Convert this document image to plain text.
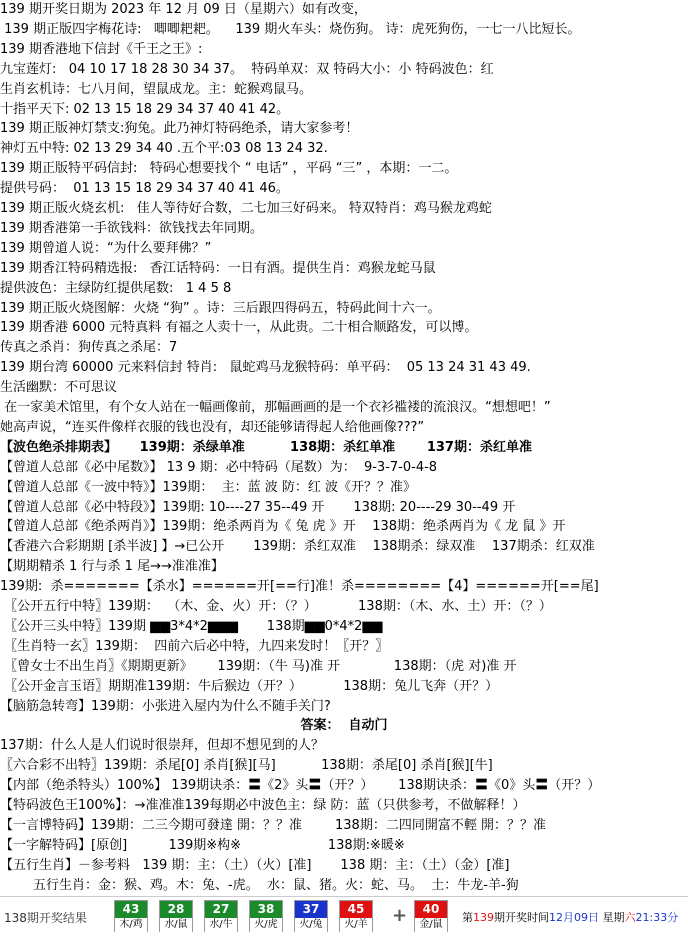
139 期开奖日期为 2023 年 12 月 09 日（星期六）如有改变，
139 期正版四字梅花诗:   唧唧耙耙。    139 期火车头：烧伤狗。 诗：虎死狗伤，一七一八比短长。
139 期香港地下信封《千王之王》:
九宝莲灯:   04 10 17 18 28 30 34 37。  特码单双：双 特码大小：小 特码波色：红
生肖玄机诗：七八月间，望鼠成龙。主：蛇猴鸡鼠马。
十指平天下: 02 13 15 18 29 34 37 40 41 42。
139 期正版神灯禁支:狗兔。此乃神灯特码绝杀，请大家参考！
神灯五中特: 02 13 29 34 40 .五个平:03 08 13 24 32.
139 期正版特平码信封:   特码心想要找个 “ 电话” ，平码 “三” ，本期：一二。
提供号码：  01 13 15 18 29 34 37 40 41 46。
139 期正版火烧玄机:   佳人等待好合数，二七加三好码来。 特双特肖：鸡马猴龙鸡蛇
139 期香港第一手欲钱料：欲钱找去年同期。
139 期曾道人说：“为什么要拜佛？”
139 期香江特码精选报:   香江话特码：一日有酒。提供生肖：鸡猴龙蛇马鼠
提供波色：主绿防红提供尾数:   1 4 5 8
139 期正版火烧图解：火烧 “狗” 。诗：三后跟四得码五，特码此间十六一。
139 期香港 6000 元特真料 有福之人卖十一，从此贵。二十相合顺路发，可以博。
传真之杀肖：狗传真之杀尾：7
139 期台湾 60000 元来料信封 特肖:   鼠蛇鸡马龙猴特码：单平码：  05 13 24 31 43 49.
生活幽默：不可思议
在一家美术馆里，有个女人站在一幅画像前，那幅画画的是一个衣衫褴褛的流浪汉。“想想吧！”
她高声说，“连买件像样衣服的钱也没有，却还能够请得起人给他画像???”
【波色绝杀排期表】     139期：杀绿单准          138期：杀红单准       137期：杀红单准
【曾道人总部《必中尾数》】 13 9 期：必中特码（尾数）为：  9-3-7-0-4-8
【曾道人总部《一波中特》】139期：  主：蓝 波 防：红 波《开？？准》
【曾道人总部《必中特段》】139期: 10----27 35--49 开       138期: 20----29 30--49 开
【曾道人总部《绝杀两肖》】139期：绝杀两肖为《 兔 虎 》开    138期：绝杀两肖为《 龙 鼠 》开
【香港六合彩期期 [杀半波] 】→已公开       139期：杀红双准    138期杀：绿双准    137期杀：红双准
【期期精杀 1 行与杀 1 尾→→准准准】
139期:  杀=======【杀水】======开[==行]准！杀========【4】======开[==尾]
〖公开五行中特〗139期：  （木、金、火）开：（？）          138期：（木、水、土）开：（？）
〖公开三头中特〗139期 ▆▆3*4*2▆▆▆       138期▆▆0*4*2▆▆
〖生肖特一玄〗139期：  四前六后必中特，九四来发时！〖开？〗
〖曾女士不出生肖〗《期期更新》      139期：（牛 马)准 开             138期：（虎 对)准 开
〖公开金言玉语〗期期准139期：牛后猴边（开？）          138期：兔儿飞奔（开？）
【脑筋急转弯】139期：小张进入屋内为什么不随手关门?
答案：  自动门
137期：什么人是人们说时很崇拜，但却不想见到的人？
〖六合彩不出特〗139期：杀尾[0] 杀肖[猴][马]           138期：杀尾[0] 杀肖[猴][牛]
【内部（绝杀特头）100%】 139期诀杀：〓《2》头〓（开？）      138期诀杀：〓《0》头〓（开？）
【特码波色王100%】：→准准准139每期必中波色主：绿 防：蓝（只供参考，不做解释！）
【一言博特码】139期：二三今期可發達 開：？？准        138期：二四同開富不輕 開：？？准
【一字解特码】[原创]          139期※构※                     138期:※暖※
【五行生肖】－参考料   139 期：主：（土）（火）[准]       138 期：主：（土）（金）[准]
五行生肖：金：猴、鸡。木：兔、-虎。  水：鼠、猪。火：蛇、马。  土：牛龙-羊-狗
138期开奖结果
43
木/鸡
28
水/鼠
27
水/牛
38
火/虎
37
火/兔
45
火/羊 +	40
金/鼠
第139期开奖时间12月09日 星期六21:33分
